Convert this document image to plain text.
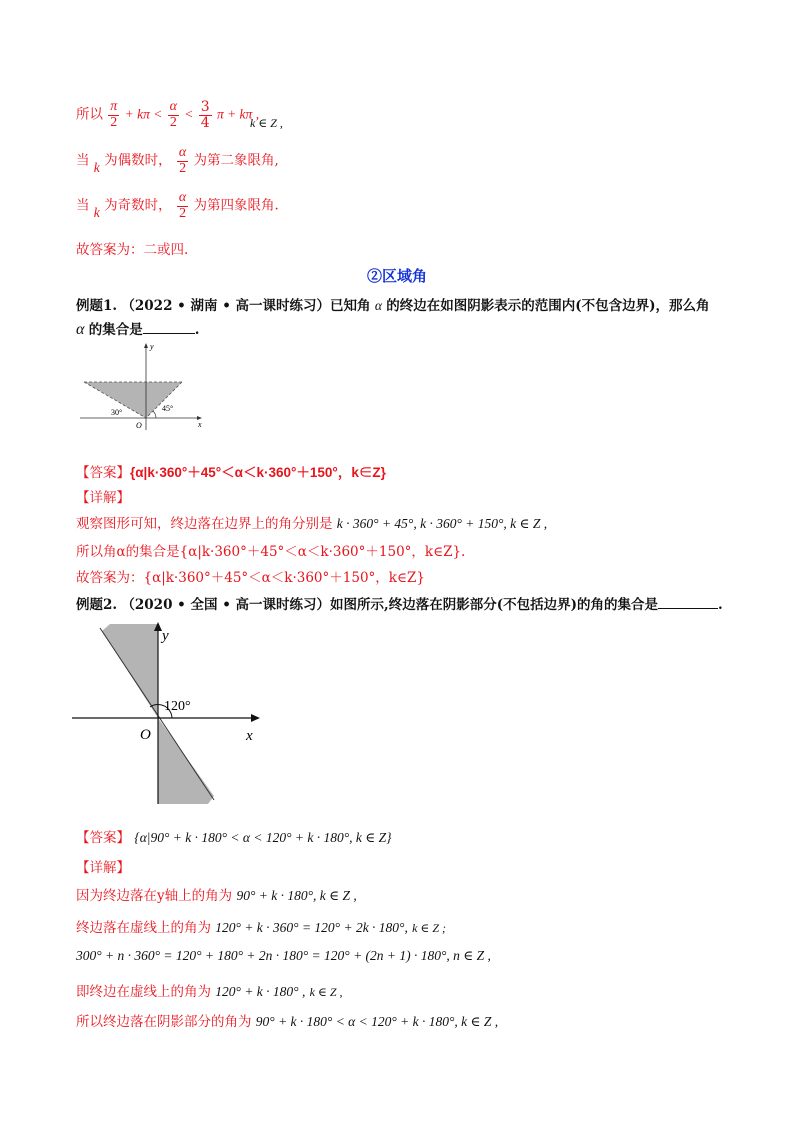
所以 $\frac{\pi}{2} + k\pi < \frac{\alpha}{2} < \frac{3}{4}$ π + kπ ,
k ∈ Z ,
当 k 为偶数时， $\frac{\alpha}{2}$ 为第二象限角,
当 k 为奇数时， $\frac{\alpha}{2}$ 为第四象限角.
故答案为：二或四.
②区域角
例题1. （2022 • 湖南 • 高一课时练习）已知角 α 的终边在如图阴影表示的范围内(不包含边界)，那么角
α 的集合是	.
y
x
O
30°	45°
【答案】{α|k·360°＋45°＜α＜k·360°＋150°，k∈Z}
【详解】
观察图形可知，终边落在边界上的角分别是 k · 360° + 45°, k · 360° + 150°, k ∈ Z ,
所以角α的集合是{α|k·360°＋45°＜α＜k·360°＋150°，k∈Z}.
故答案为：{α|k·360°＋45°＜α＜k·360°＋150°，k∈Z}
例题2. （2020 • 全国 • 高一课时练习）如图所示,终边落在阴影部分(不包括边界)的角的集合是	.
y
x
O
120°
【答案】 {α|90° + k · 180° < α < 120° + k · 180°, k ∈ Z}
【详解】
因为终边落在y轴上的角为 90° + k · 180°, k ∈ Z ,
终边落在虚线上的角为 120° + k · 360° = 120° + 2k · 180°, k ∈ Z ;
300° + n · 360° = 120° + 180° + 2n · 180° = 120° + (2n + 1) · 180°, n ∈ Z ,
即终边在虚线上的角为 120° + k · 180° , k ∈ Z ,
所以终边落在阴影部分的角为 90° + k · 180° < α < 120° + k · 180°, k ∈ Z ,
